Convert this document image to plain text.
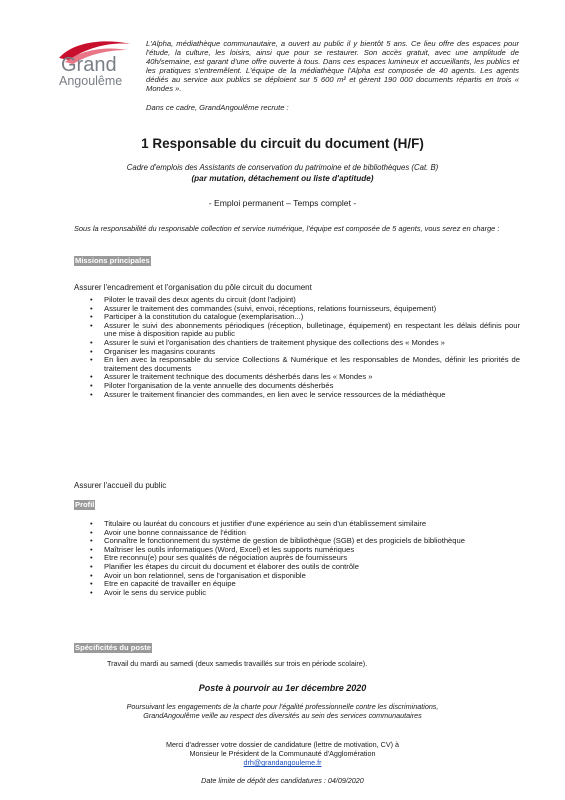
Grand
Angoulême
L'Alpha, médiathèque communautaire, a ouvert au public il y bientôt 5 ans. Ce lieu offre des espaces pour l'étude, la culture, les loisirs, ainsi que pour se restaurer. Son accès gratuit, avec une amplitude de 40h/semaine, est garant d'une offre ouverte à tous. Dans ces espaces lumineux et accueillants, les publics et les pratiques s'entremêlent. L'équipe de la médiathèque l'Alpha est composée de 40 agents. Les agents dédiés au service aux publics se déploient sur 5 600 m² et gèrent 190 000 documents répartis en trois « Mondes ».
Dans ce cadre, GrandAngoulême recrute :
1 Responsable du circuit du document (H/F)
Cadre d'emplois des Assistants de conservation du patrimoine et de bibliothèques (Cat. B)
(par mutation, détachement ou liste d'aptitude)
- Emploi permanent – Temps complet -
Sous la responsabilité du responsable collection et service numérique, l'équipe est composée de 5 agents, vous serez en charge :
Missions principales
Assurer l'encadrement et l'organisation du pôle circuit du document
• Piloter le travail des deux agents du circuit (dont l'adjoint)
• Assurer le traitement des commandes (suivi, envoi, réceptions, relations fournisseurs, équipement)
• Participer à la constitution du catalogue (exemplarisation...)
• Assurer le suivi des abonnements périodiques (réception, bulletinage, équipement) en respectant les délais définis pour une mise à disposition rapide au public
• Assurer le suivi et l'organisation des chantiers de traitement physique des collections des « Mondes »
• Organiser les magasins courants
• En lien avec la responsable du service Collections & Numérique et les responsables de Mondes, définir les priorités de traitement des documents
• Assurer le traitement technique des documents désherbés dans les « Mondes »
• Piloter l'organisation de la vente annuelle des documents désherbés
• Assurer le traitement financier des commandes, en lien avec le service ressources de la médiathèque
Assurer l'accueil du public
Profil
• Titulaire ou lauréat du concours et justifier d'une expérience au sein d'un établissement similaire
• Avoir une bonne connaissance de l'édition
• Connaître le fonctionnement du système de gestion de bibliothèque (SGB) et des progiciels de bibliothèque
• Maîtriser les outils informatiques (Word, Excel) et les supports numériques
• Etre reconnu(e) pour ses qualités de négociation auprès de fournisseurs
• Planifier les étapes du circuit du document et élaborer des outils de contrôle
• Avoir un bon relationnel, sens de l'organisation et disponible
• Etre en capacité de travailler en équipe
• Avoir le sens du service public
Spécificités du poste
Travail du mardi au samedi (deux samedis travaillés sur trois en période scolaire).
Poste à pourvoir au 1er décembre 2020
Poursuivant les engagements de la charte pour l'égalité professionnelle contre les discriminations,
GrandAngoulême veille au respect des diversités au sein des services communautaires
Merci d'adresser votre dossier de candidature (lettre de motivation, CV) à
Monsieur le Président de la Communauté d'Agglomération
drh@grandangouleme.fr
Date limite de dépôt des candidatures : 04/09/2020
